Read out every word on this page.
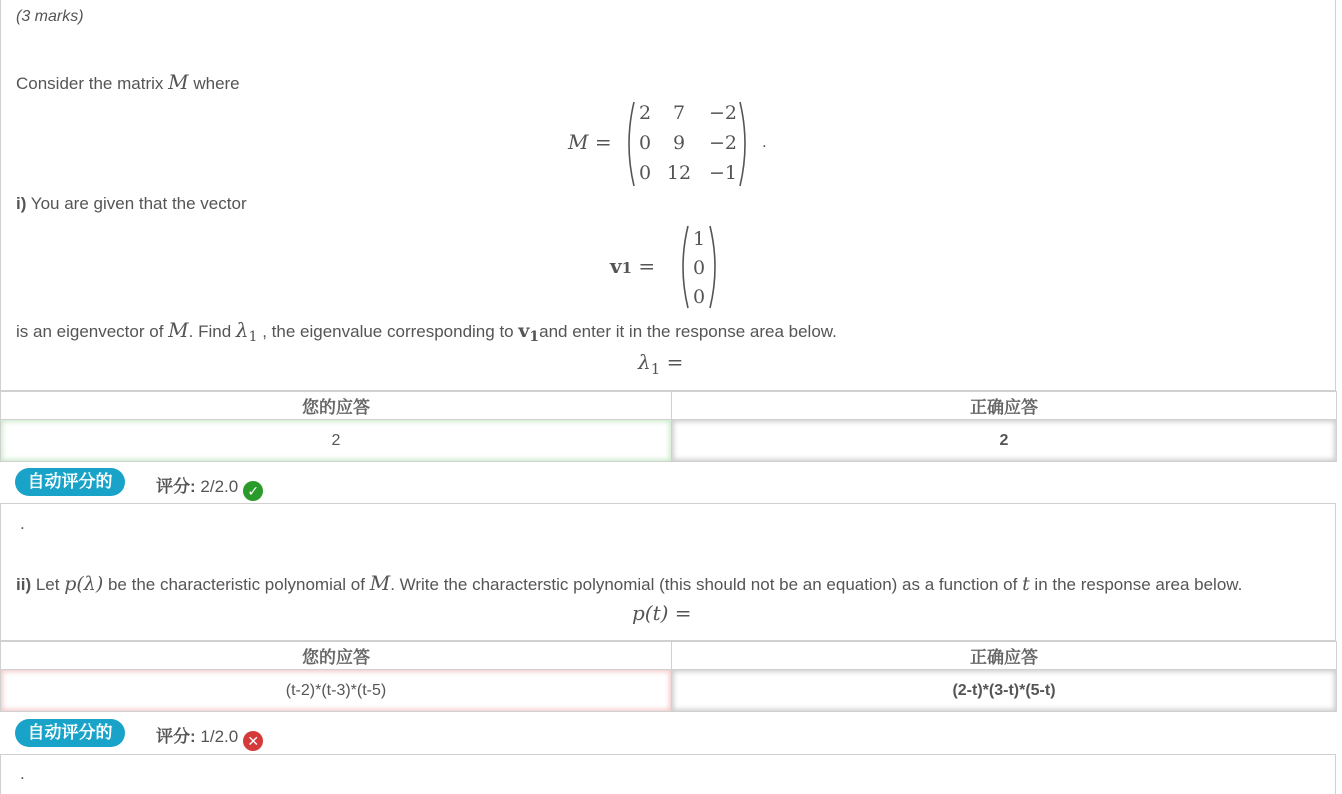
(3 marks)
Consider the matrix M where
M =
2	7	−2
0	9	−2
0 12 −1
.
i) You are given that the vector
v1 =
1
0
0
is an eigenvector of M. Find $\lambda_1$ , the eigenvalue corresponding to $v_1and$ enter it in the response area below.
$\lambda_1$ =
您的应答	正确应答
2	2
自动评分的	评分: 2/2.0 ✓
.
ii) Let p(λ) be the characteristic polynomial of M. Write the characterstic polynomial (this should not be an equation) as a function of t in the response area below.
p(t) =
您的应答	正确应答
(t-2)*(t-3)*(t-5)	(2-t)*(3-t)*(5-t)
自动评分的	评分: 1/2.0 ✕
.
